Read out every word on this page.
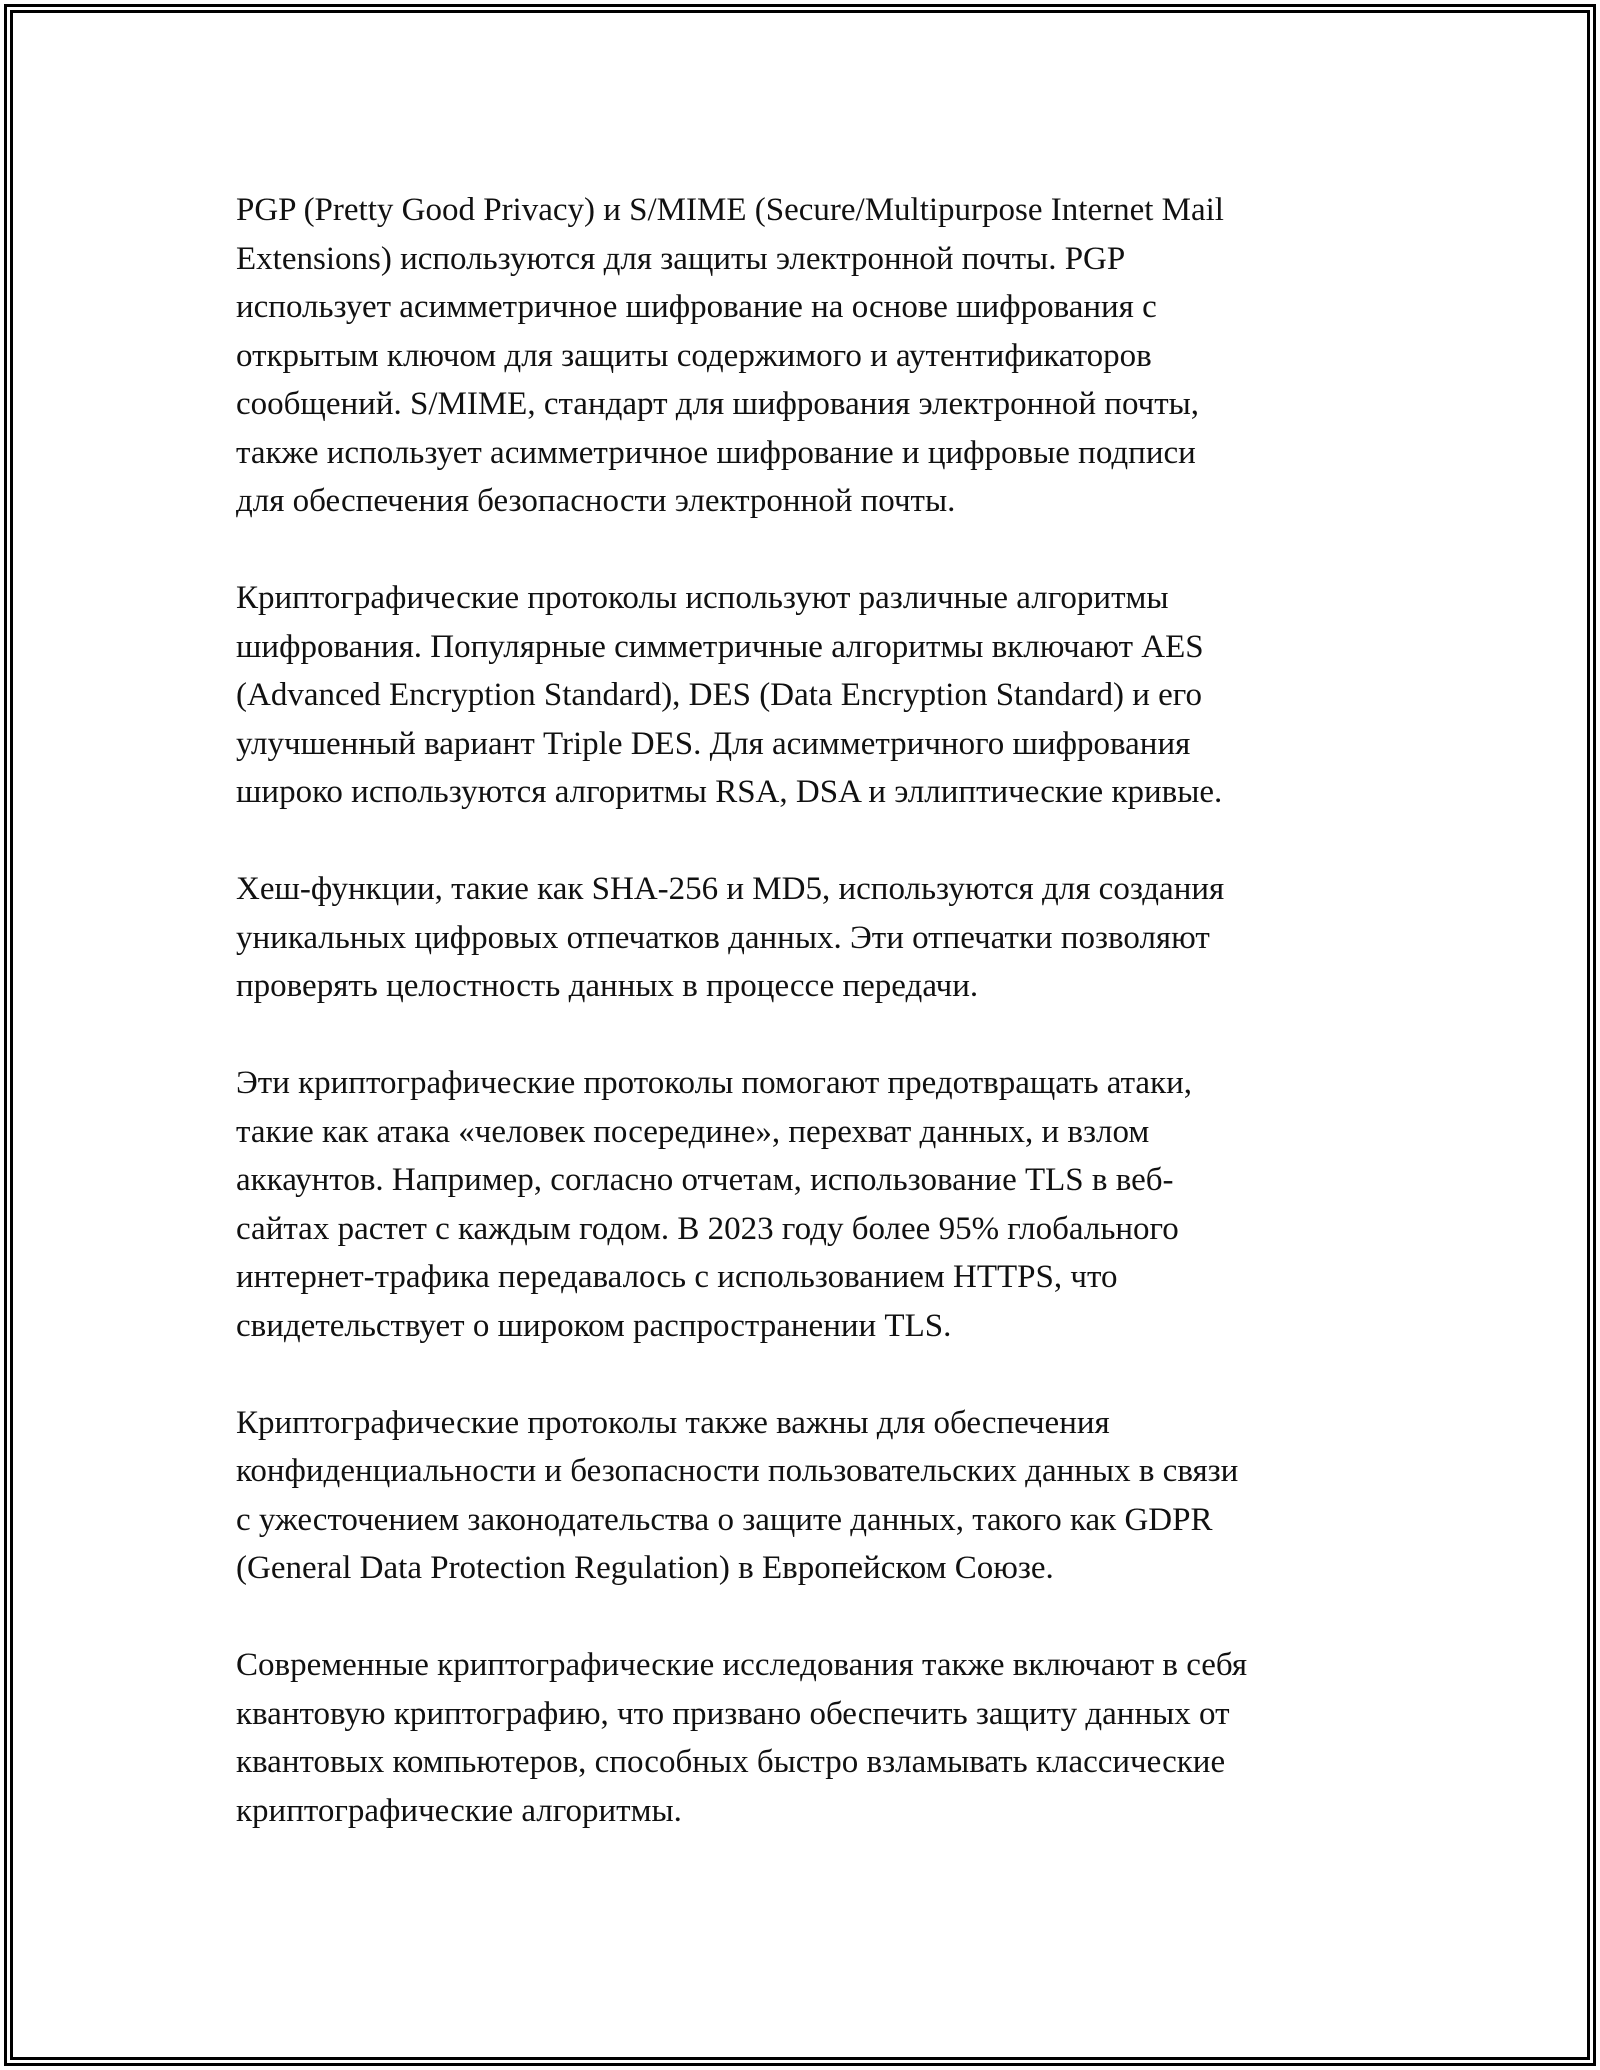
PGP (Pretty Good Privacy) и S/MIME (Secure/Multipurpose Internet Mail
Extensions) используются для защиты электронной почты. PGP
использует асимметричное шифрование на основе шифрования с
открытым ключом для защиты содержимого и аутентификаторов
сообщений. S/MIME, стандарт для шифрования электронной почты,
также использует асимметричное шифрование и цифровые подписи
для обеспечения безопасности электронной почты.

Криптографические протоколы используют различные алгоритмы
шифрования. Популярные симметричные алгоритмы включают AES
(Advanced Encryption Standard), DES (Data Encryption Standard) и его
улучшенный вариант Triple DES. Для асимметричного шифрования
широко используются алгоритмы RSA, DSA и эллиптические кривые.

Хеш-функции, такие как SHA-256 и MD5, используются для создания
уникальных цифровых отпечатков данных. Эти отпечатки позволяют
проверять целостность данных в процессе передачи.

Эти криптографические протоколы помогают предотвращать атаки,
такие как атака «человек посередине», перехват данных, и взлом
аккаунтов. Например, согласно отчетам, использование TLS в веб-
сайтах растет с каждым годом. В 2023 году более 95% глобального
интернет-трафика передавалось с использованием HTTPS, что
свидетельствует о широком распространении TLS.

Криптографические протоколы также важны для обеспечения
конфиденциальности и безопасности пользовательских данных в связи
с ужесточением законодательства о защите данных, такого как GDPR
(General Data Protection Regulation) в Европейском Союзе.

Современные криптографические исследования также включают в себя
квантовую криптографию, что призвано обеспечить защиту данных от
квантовых компьютеров, способных быстро взламывать классические
криптографические алгоритмы.
